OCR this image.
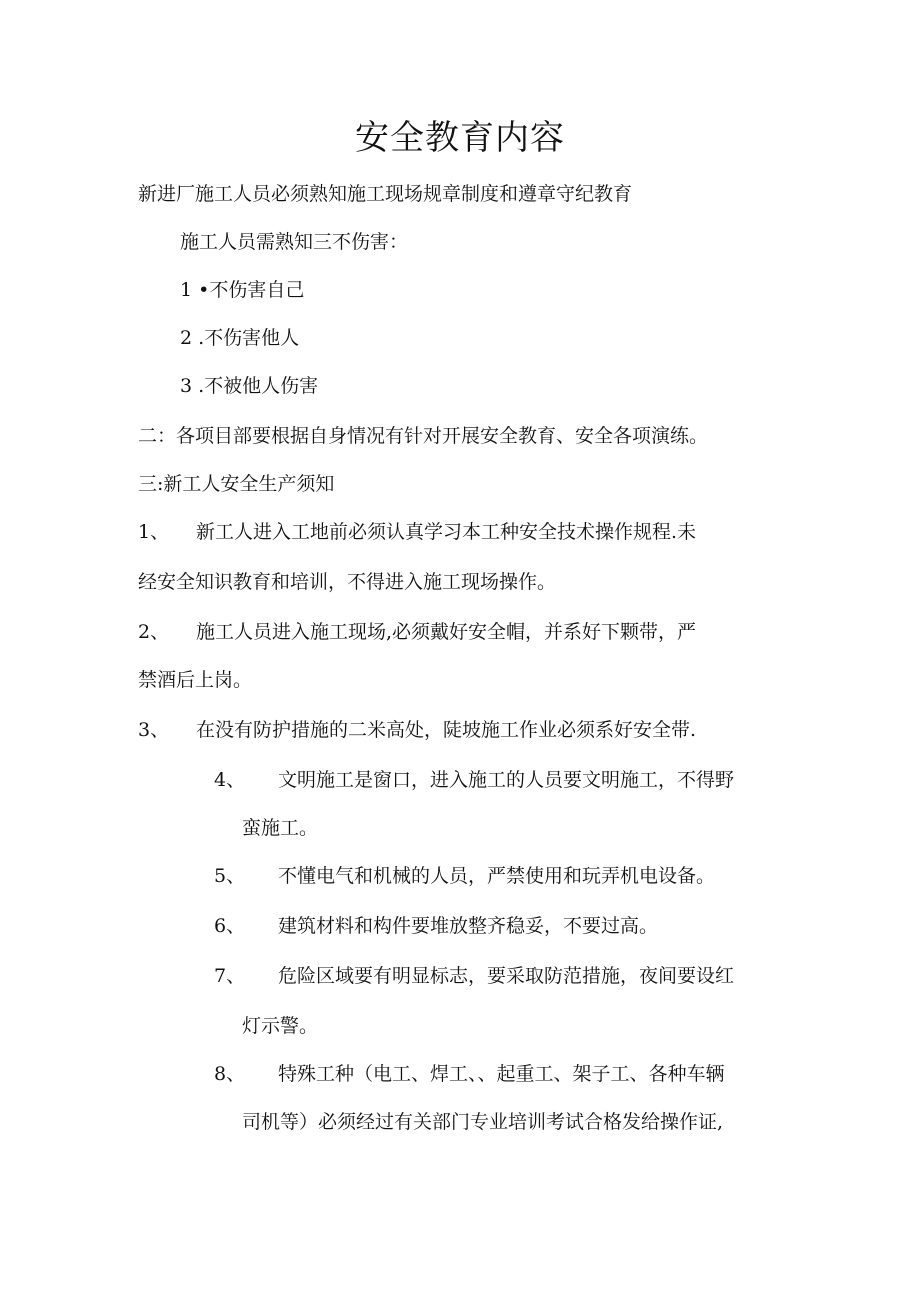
安全教育内容
新进厂施工人员必须熟知施工现场规章制度和遵章守纪教育
施工人员需熟知三不伤害：
1 •不伤害自己
2 .不伤害他人
3 .不被他人伤害
二：各项目部要根据自身情况有针对开展安全教育、安全各项演练。
三:新工人安全生产须知
1、 新工人进入工地前必须认真学习本工种安全技术操作规程.未
经安全知识教育和培训，不得进入施工现场操作。
2、 施工人员进入施工现场,必须戴好安全帽，并系好下颗带，严
禁酒后上岗。
3、 在没有防护措施的二米高处，陡坡施工作业必须系好安全带.
4、 文明施工是窗口，进入施工的人员要文明施工，不得野
蛮施工。
5、 不懂电气和机械的人员，严禁使用和玩弄机电设备。
6、 建筑材料和构件要堆放整齐稳妥，不要过高。
7、 危险区域要有明显标志，要采取防范措施，夜间要设红
灯示警。
8、 特殊工种（电工、焊工、、起重工、架子工、各种车辆
司机等）必须经过有关部门专业培训考试合格发给操作证,
